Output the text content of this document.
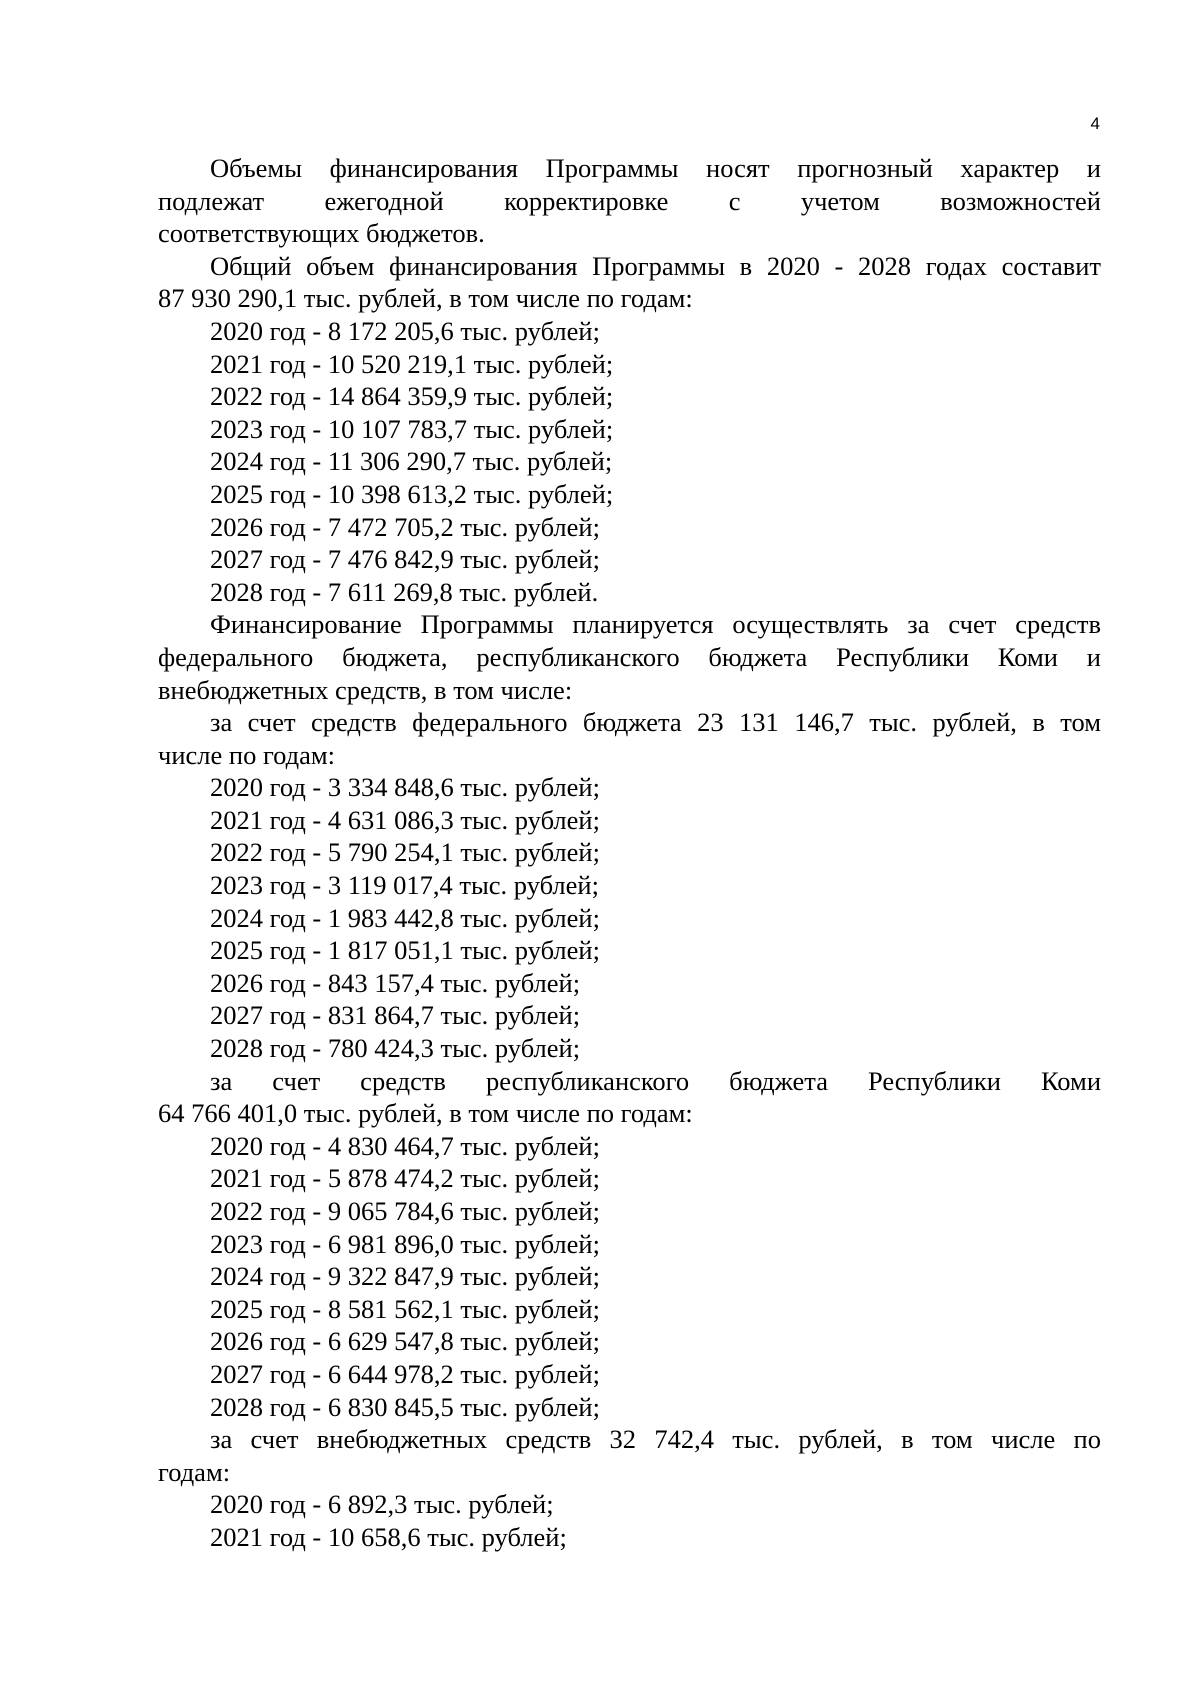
4

Объемы финансирования Программы носят прогнозный характер и

подлежат ежегодной корректировке с учетом возможностей

соответствующих бюджетов.

Общий объем финансирования Программы в 2020 - 2028 годах составит

87 930 290,1 тыс. рублей, в том числе по годам:

2020 год - 8 172 205,6 тыс. рублей;

2021 год - 10 520 219,1 тыс. рублей;

2022 год - 14 864 359,9 тыс. рублей;

2023 год - 10 107 783,7 тыс. рублей;

2024 год - 11 306 290,7 тыс. рублей;

2025 год - 10 398 613,2 тыс. рублей;

2026 год - 7 472 705,2 тыс. рублей;

2027 год - 7 476 842,9 тыс. рублей;

2028 год - 7 611 269,8 тыс. рублей.

Финансирование Программы планируется осуществлять за счет средств

федерального бюджета, республиканского бюджета Республики Коми и

внебюджетных средств, в том числе:

за счет средств федерального бюджета 23 131 146,7 тыс. рублей, в том

числе по годам:

2020 год - 3 334 848,6 тыс. рублей;

2021 год - 4 631 086,3 тыс. рублей;

2022 год - 5 790 254,1 тыс. рублей;

2023 год - 3 119 017,4 тыс. рублей;

2024 год - 1 983 442,8 тыс. рублей;

2025 год - 1 817 051,1 тыс. рублей;

2026 год - 843 157,4 тыс. рублей;

2027 год - 831 864,7 тыс. рублей;

2028 год - 780 424,3 тыс. рублей;

за счет средств республиканского бюджета Республики Коми

64 766 401,0 тыс. рублей, в том числе по годам:

2020 год - 4 830 464,7 тыс. рублей;

2021 год - 5 878 474,2 тыс. рублей;

2022 год - 9 065 784,6 тыс. рублей;

2023 год - 6 981 896,0 тыс. рублей;

2024 год - 9 322 847,9 тыс. рублей;

2025 год - 8 581 562,1 тыс. рублей;

2026 год - 6 629 547,8 тыс. рублей;

2027 год - 6 644 978,2 тыс. рублей;

2028 год - 6 830 845,5 тыс. рублей;

за счет внебюджетных средств 32 742,4 тыс. рублей, в том числе по

годам:

2020 год - 6 892,3 тыс. рублей;

2021 год - 10 658,6 тыс. рублей;
